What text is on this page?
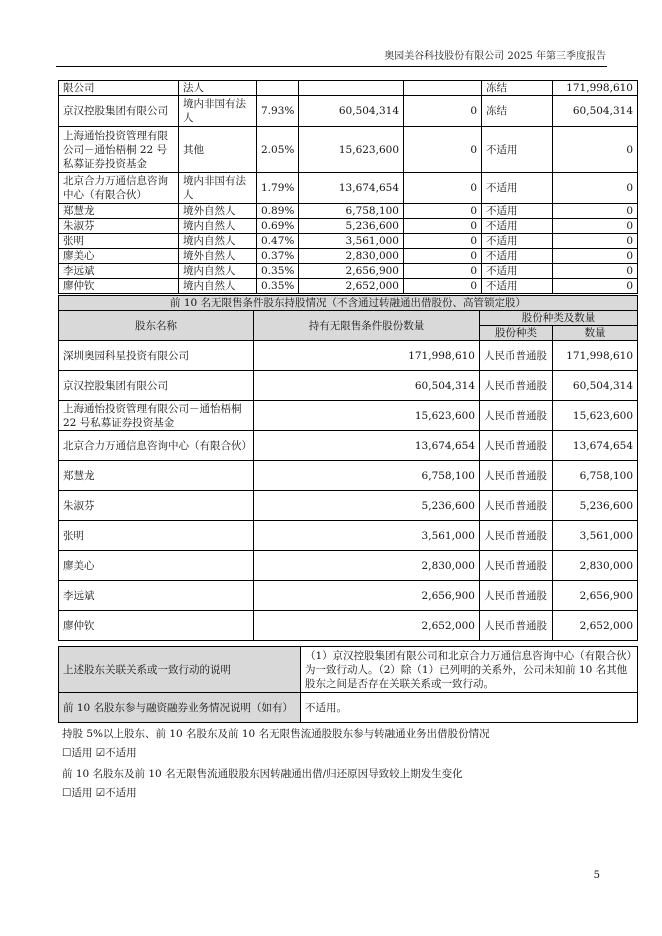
奥园美谷科技股份有限公司 2025 年第三季度报告
限公司	法人				冻结	171,998,610
京汉控股集团有限公司	境内非国有法人	7.93%	60,504,314	0	冻结	60,504,314
上海通怡投资管理有限公司－通怡梧桐 22 号私募证券投资基金	其他	2.05%	15,623,600	0	不适用	0
北京合力万通信息咨询中心（有限合伙）	境内非国有法人	1.79%	13,674,654	0	不适用	0
郑慧龙	境外自然人	0.89%	6,758,100	0	不适用	0
朱淑芬	境内自然人	0.69%	5,236,600	0	不适用	0
张明	境内自然人	0.47%	3,561,000	0	不适用	0
廖美心	境外自然人	0.37%	2,830,000	0	不适用	0
李远斌	境内自然人	0.35%	2,656,900	0	不适用	0
廖仲钦	境内自然人	0.35%	2,652,000	0	不适用	0
前 10 名无限售条件股东持股情况（不含通过转融通出借股份、高管锁定股）			
股东名称	持有无限售条件股份数量	股份种类及数量	
		股份种类	数量
深圳奥园科星投资有限公司	171,998,610	人民币普通股	171,998,610
京汉控股集团有限公司	60,504,314	人民币普通股	60,504,314
上海通怡投资管理有限公司－通怡梧桐 22 号私募证券投资基金	15,623,600	人民币普通股	15,623,600
北京合力万通信息咨询中心（有限合伙）	13,674,654	人民币普通股	13,674,654
郑慧龙	6,758,100	人民币普通股	6,758,100
朱淑芬	5,236,600	人民币普通股	5,236,600
张明	3,561,000	人民币普通股	3,561,000
廖美心	2,830,000	人民币普通股	2,830,000
李远斌	2,656,900	人民币普通股	2,656,900
廖仲钦	2,652,000	人民币普通股	2,652,000
上述股东关联关系或一致行动的说明	（1）京汉控股集团有限公司和北京合力万通信息咨询中心（有限合伙）为一致行动人。（2）除（1）已列明的关系外，公司未知前 10 名其他股东之间是否存在关联关系或一致行动。
前 10 名股东参与融资融券业务情况说明（如有）	不适用。
持股 5%以上股东、前 10 名股东及前 10 名无限售流通股股东参与转融通业务出借股份情况
☐适用 ☑不适用
前 10 名股东及前 10 名无限售流通股股东因转融通出借/归还原因导致较上期发生变化
☐适用 ☑不适用
5
